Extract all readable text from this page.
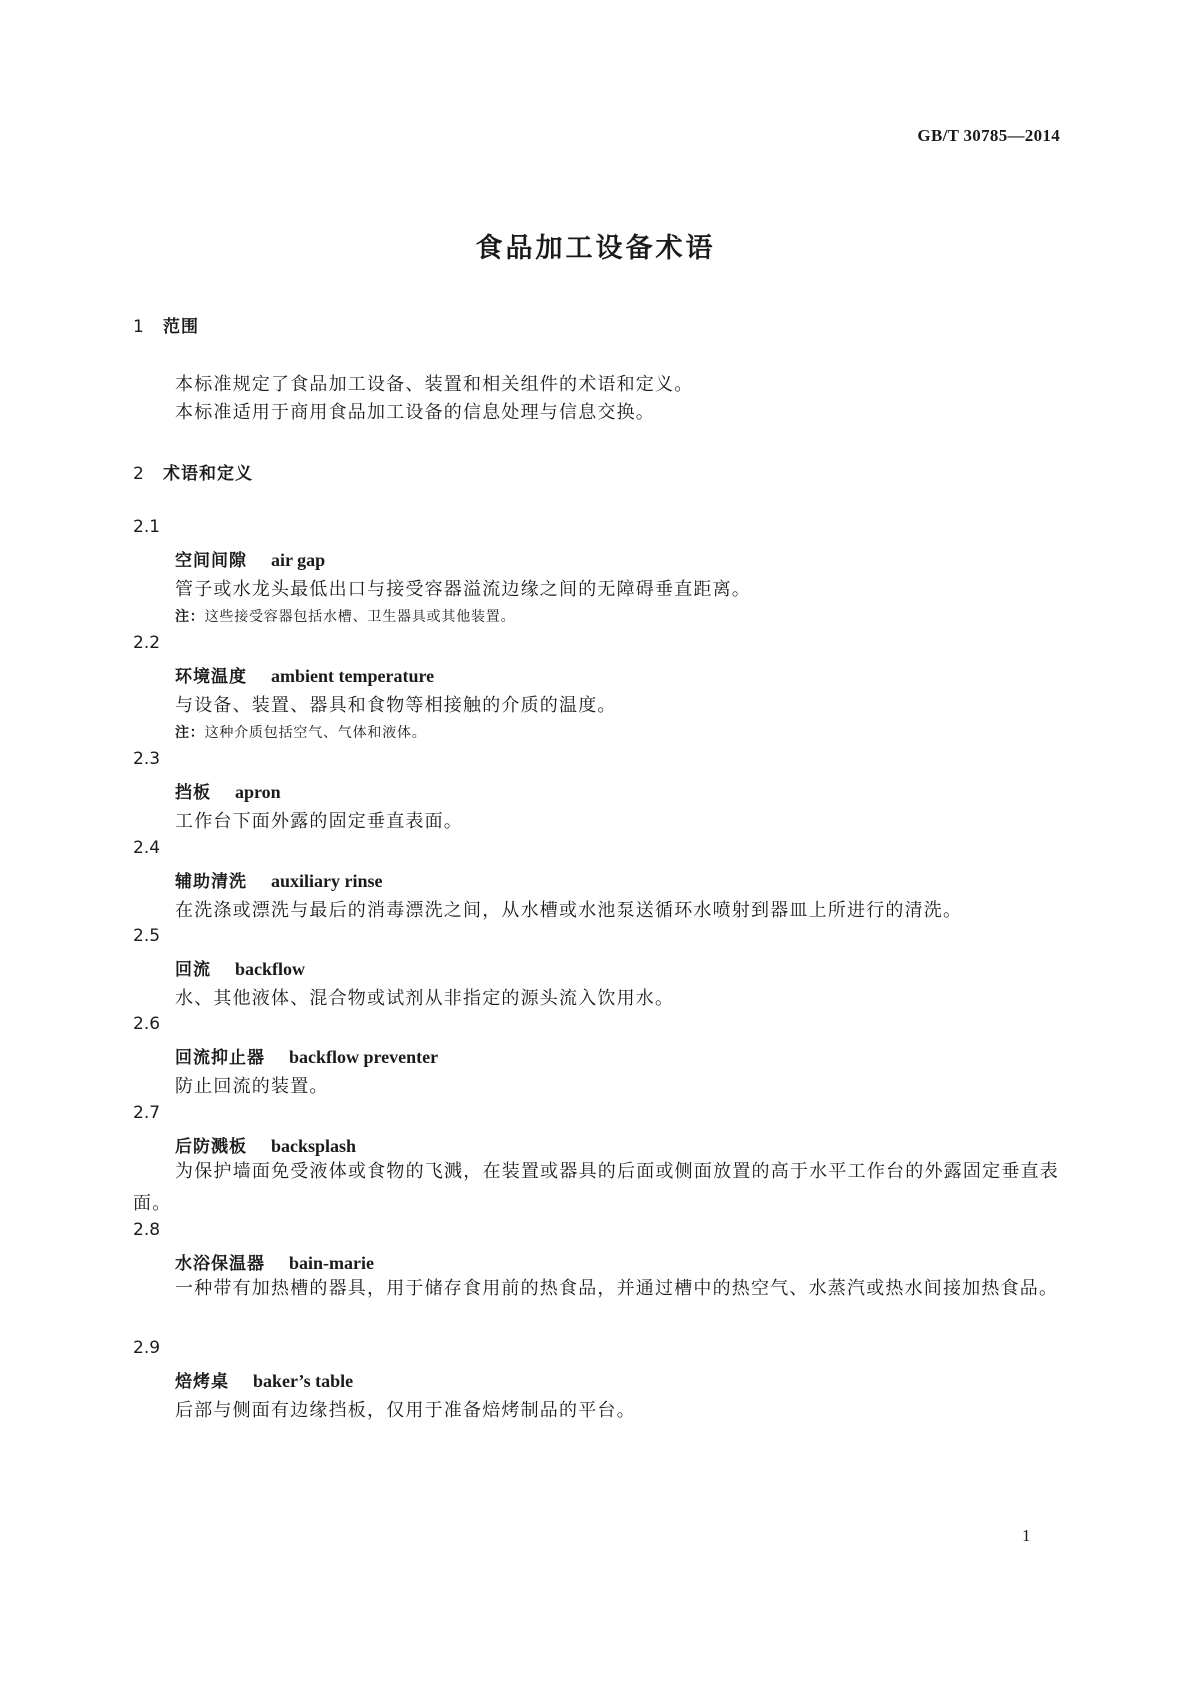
GB/T 30785—2014
食品加工设备术语
1 范围
本标准规定了食品加工设备、装置和相关组件的术语和定义。
本标准适用于商用食品加工设备的信息处理与信息交换。
2 术语和定义
2.1
空间间隙 air gap
管子或水龙头最低出口与接受容器溢流边缘之间的无障碍垂直距离。
注：这些接受容器包括水槽、卫生器具或其他装置。
2.2
环境温度 ambient temperature
与设备、装置、器具和食物等相接触的介质的温度。
注：这种介质包括空气、气体和液体。
2.3
挡板 apron
工作台下面外露的固定垂直表面。
2.4
辅助清洗 auxiliary rinse
在洗涤或漂洗与最后的消毒漂洗之间，从水槽或水池泵送循环水喷射到器皿上所进行的清洗。
2.5
回流 backflow
水、其他液体、混合物或试剂从非指定的源头流入饮用水。
2.6
回流抑止器 backflow preventer
防止回流的装置。
2.7
后防溅板 backsplash
为保护墙面免受液体或食物的飞溅，在装置或器具的后面或侧面放置的高于水平工作台的外露固定垂直表面。
2.8
水浴保温器 bain-marie
一种带有加热槽的器具，用于储存食用前的热食品，并通过槽中的热空气、水蒸汽或热水间接加热食品。
2.9
焙烤桌 baker’s table
后部与侧面有边缘挡板，仅用于准备焙烤制品的平台。
1
